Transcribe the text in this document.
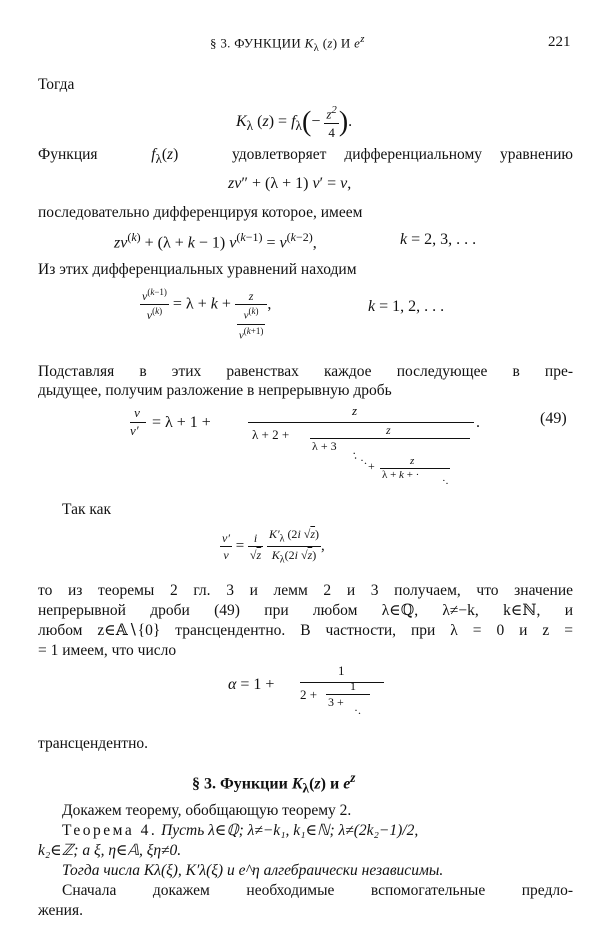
§ 3. ФУНКЦИИ $K_\lambda$ (z) И $e^z$	221
Тогда
$K_\lambda$ $(z) = f_\lambda(- \frac{z^2}{4}$ ).
Функция	$f_\lambda(z)$   удовлетворяет дифференциальному уравнению
zv″ + (λ + 1) v′ = v,
последовательно дифференцируя которое, имеем
$zv^{(k)} + (\lambda + k - 1) v^{(k-1)} = v^{(k-2)}$,	k = 2, 3, . . .
Из этих дифференциальных уравнений находим
$\frac{v^{(k-1)}}{v^{(k)}} = \lambda + k + \frac{z}{\frac{v^{(k)}}{v^{(k+1)}}}$ ,	k = 1, 2, . . .
Подставляя в этих равенствах каждое последующее в пре-
дыдущее, получим разложение в непрерывную дробь
v
v′ = λ + 1 +
z
.
λ + 2 +	z
λ + 3
·.
·. +	z
λ + k + · ·.
(49)
Так как
$\frac{v'}{v} = \frac{i}{√z}$
$\frac{K'_\lambda (2i √z)}{K_\lambda(2i √z)}$ ,
то из теоремы 2 гл. 3 и лемм 2 и 3 получаем, что значение
непрерывной дроби (49) при любом λ∈ℚ, λ≠−k, k∈ℕ, и
любом z∈𝔸∖{0} трансцендентно. В частности, при λ = 0 и z =
= 1 имеем, что число
α = 1 +
1
2 +
1
3 +
·.
трансцендентно.
§ 3. Функции $K_\lambda(z)$ и $e^z$
Докажем теорему, обобщающую теорему 2.
Теорема 4. Пусть λ∈ℚ; λ≠−k₁, k₁∈ℕ; λ≠(2k₂−1)/2,
k₂∈ℤ; a ξ, η∈𝔸, ξη≠0.
Тогда числа Kλ(ξ), K′λ(ξ) и e^η алгебраически независимы.
Сначала докажем необходимые вспомогательные предло-
жения.
